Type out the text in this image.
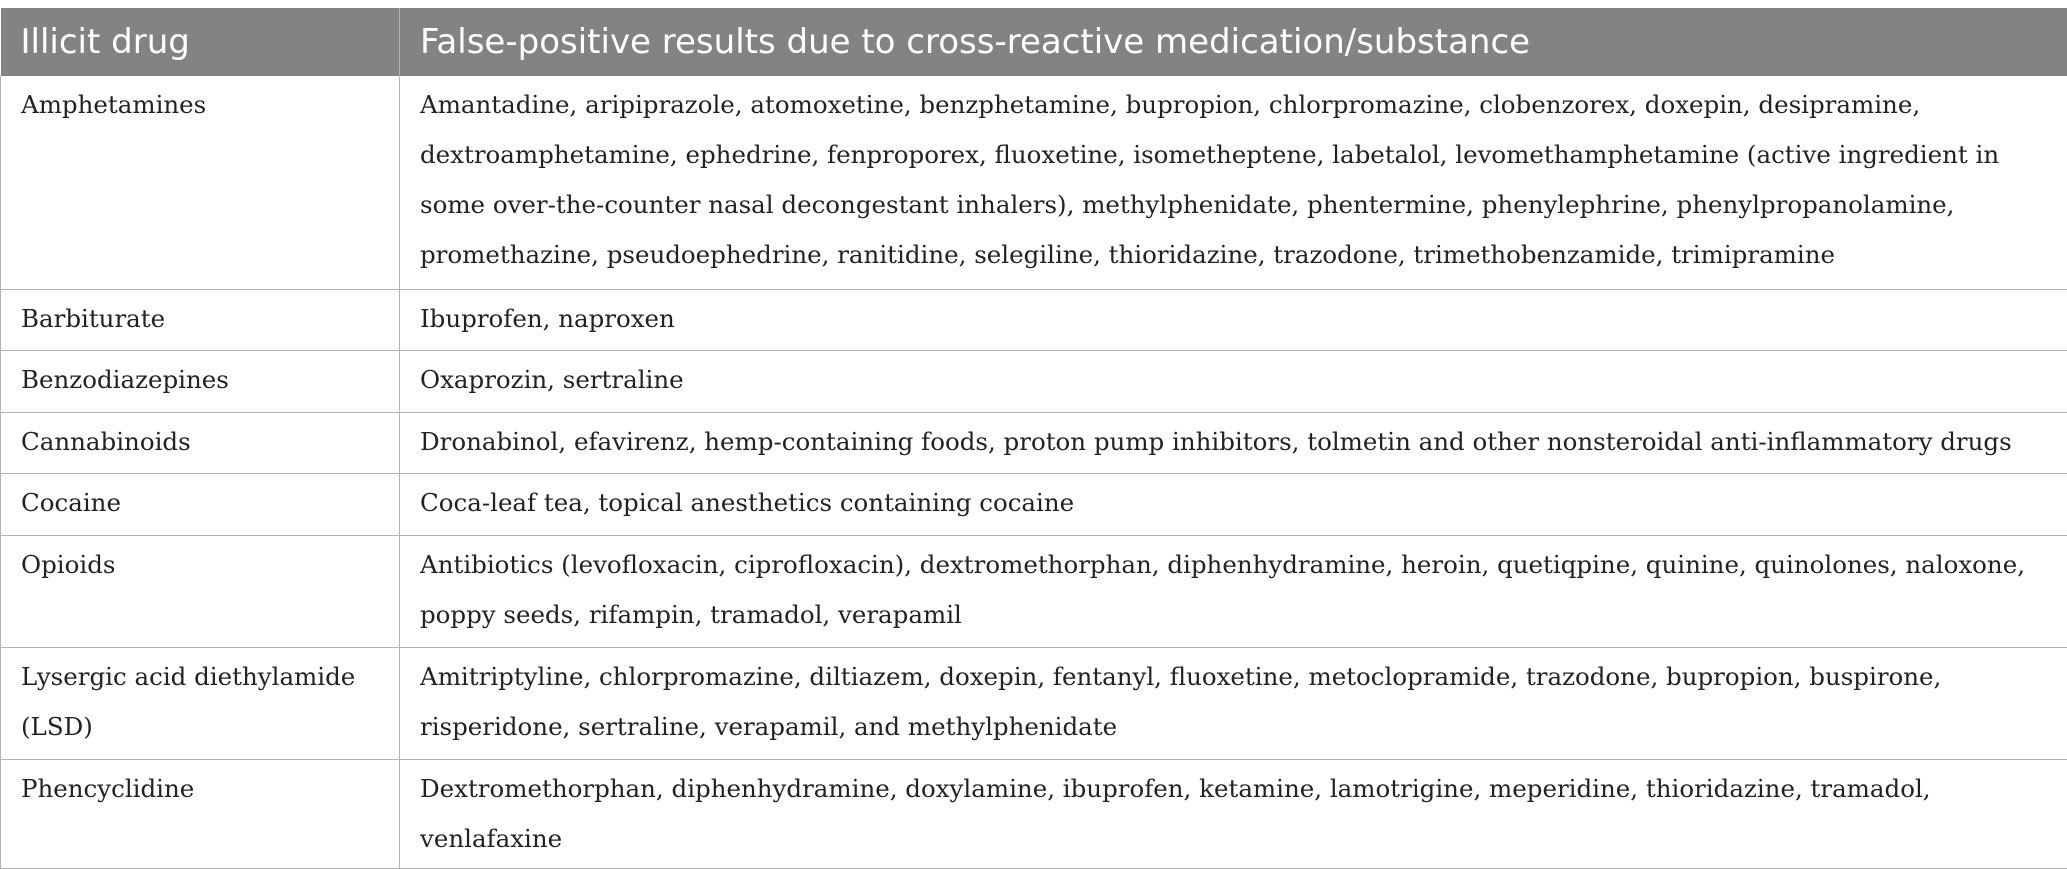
Illicit drug	False-positive results due to cross-reactive medication/substance
Amphetamines	Amantadine, aripiprazole, atomoxetine, benzphetamine, bupropion, chlorpromazine, clobenzorex, doxepin, desipramine, dextroamphetamine, ephedrine, fenproporex, fluoxetine, isometheptene, labetalol, levomethamphetamine (active ingredient in some over-the-counter nasal decongestant inhalers), methylphenidate, phentermine, phenylephrine, phenylpropanolamine, promethazine, pseudoephedrine, ranitidine, selegiline, thioridazine, trazodone, trimethobenzamide, trimipramine
Barbiturate	Ibuprofen, naproxen
Benzodiazepines	Oxaprozin, sertraline
Cannabinoids	Dronabinol, efavirenz, hemp-containing foods, proton pump inhibitors, tolmetin and other nonsteroidal anti-inflammatory drugs
Cocaine	Coca-leaf tea, topical anesthetics containing cocaine
Opioids	Antibiotics (levofloxacin, ciprofloxacin), dextromethorphan, diphenhydramine, heroin, quetiqpine, quinine, quinolones, naloxone, poppy seeds, rifampin, tramadol, verapamil
Lysergic acid diethylamide (LSD)	Amitriptyline, chlorpromazine, diltiazem, doxepin, fentanyl, fluoxetine, metoclopramide, trazodone, bupropion, buspirone, risperidone, sertraline, verapamil, and methylphenidate
Phencyclidine	Dextromethorphan, diphenhydramine, doxylamine, ibuprofen, ketamine, lamotrigine, meperidine, thioridazine, tramadol, venlafaxine
